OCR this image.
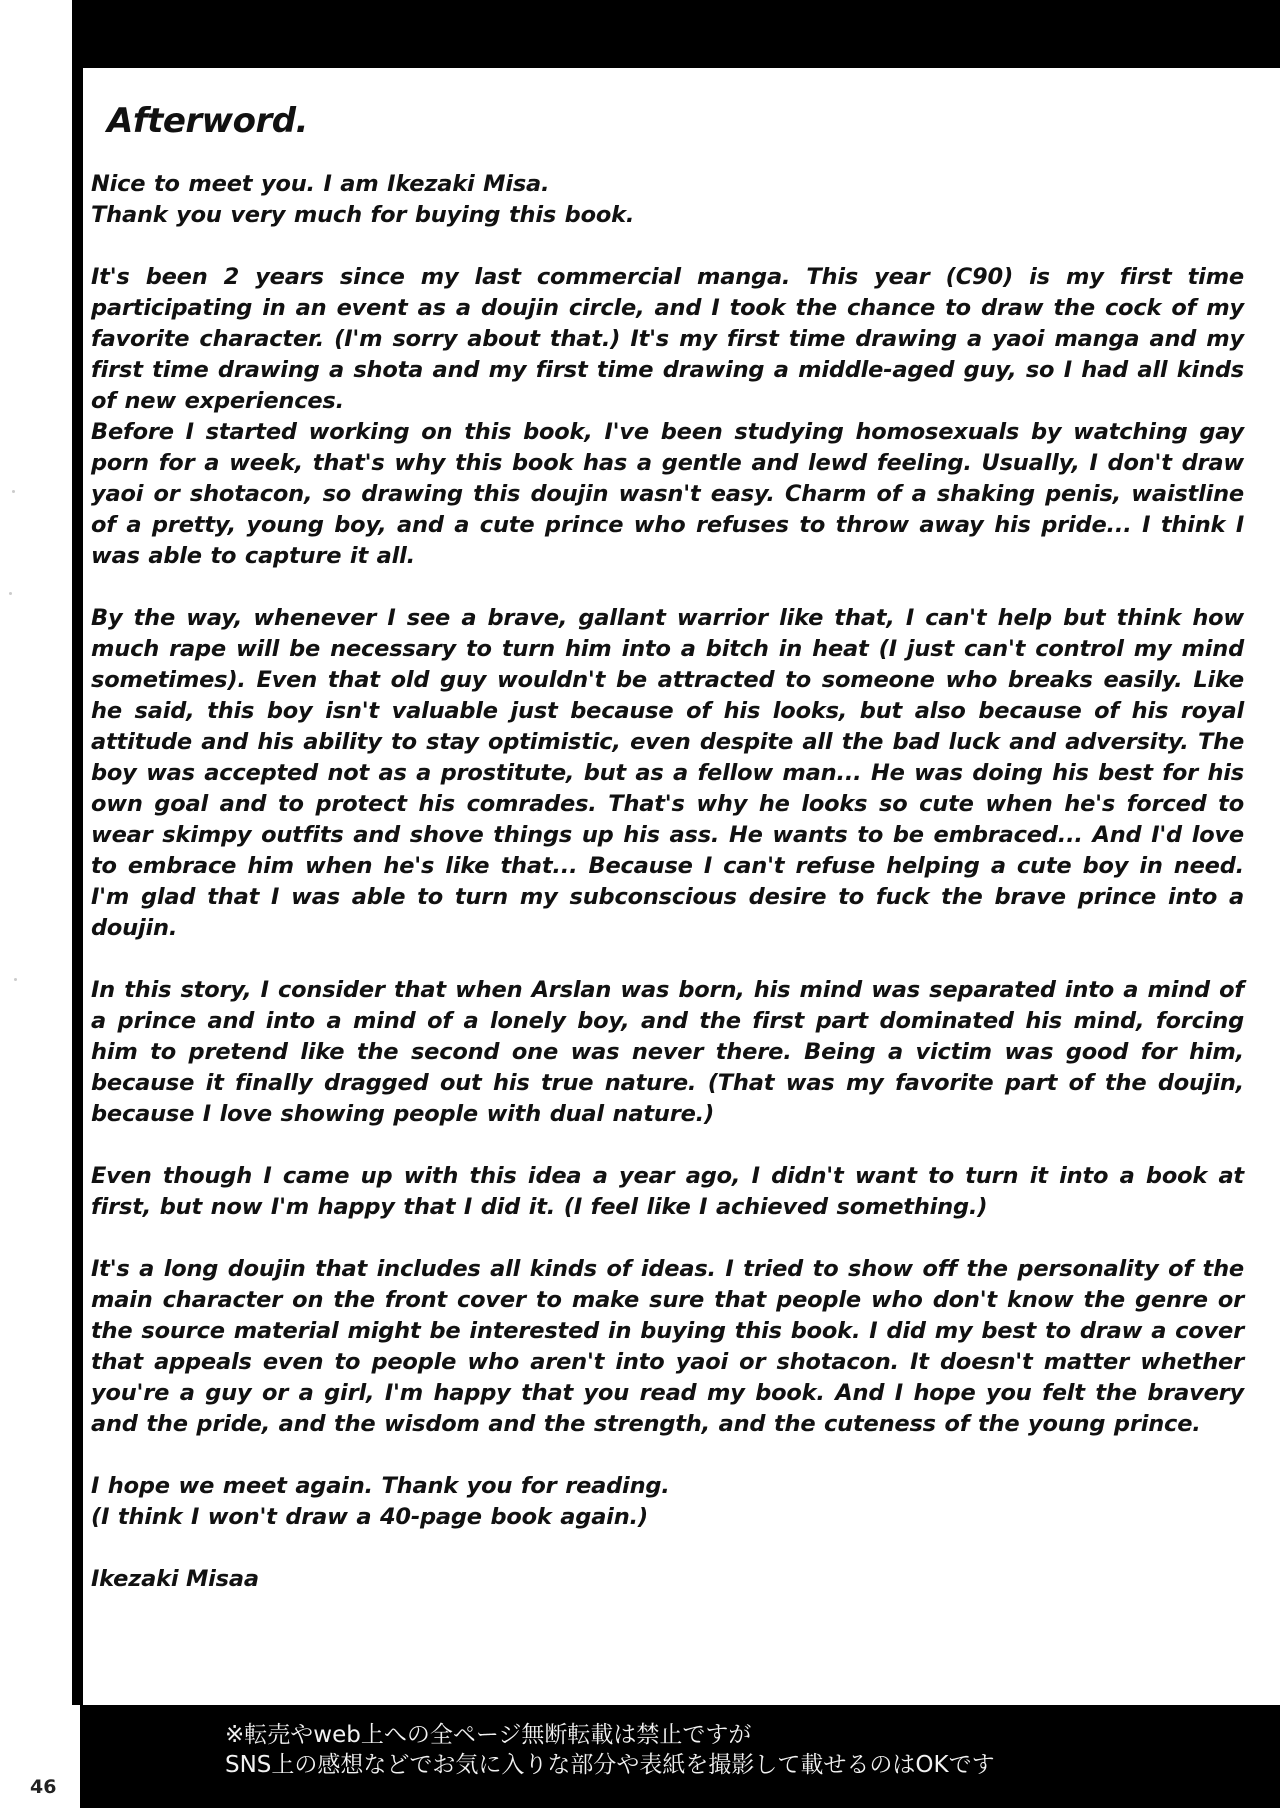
Afterword.

Nice to meet you. I am Ikezaki Misa.
Thank you very much for buying this book.

It's been 2 years since my last commercial manga. This year (C90) is my first time participating in an event as a doujin circle, and I took the chance to draw the cock of my favorite character. (I'm sorry about that.) It's my first time drawing a yaoi manga and my first time drawing a shota and my first time drawing a middle-aged guy, so I had all kinds of new experiences.
Before I started working on this book, I've been studying homosexuals by watching gay porn for a week, that's why this book has a gentle and lewd feeling. Usually, I don't draw yaoi or shotacon, so drawing this doujin wasn't easy. Charm of a shaking penis, waistline of a pretty, young boy, and a cute prince who refuses to throw away his pride... I think I was able to capture it all.

By the way, whenever I see a brave, gallant warrior like that, I can't help but think how much rape will be necessary to turn him into a bitch in heat (I just can't control my mind sometimes). Even that old guy wouldn't be attracted to someone who breaks easily. Like he said, this boy isn't valuable just because of his looks, but also because of his royal attitude and his ability to stay optimistic, even despite all the bad luck and adversity. The boy was accepted not as a prostitute, but as a fellow man... He was doing his best for his own goal and to protect his comrades. That's why he looks so cute when he's forced to wear skimpy outfits and shove things up his ass. He wants to be embraced... And I'd love to embrace him when he's like that... Because I can't refuse helping a cute boy in need. I'm glad that I was able to turn my subconscious desire to fuck the brave prince into a doujin.

In this story, I consider that when Arslan was born, his mind was separated into a mind of a prince and into a mind of a lonely boy, and the first part dominated his mind, forcing him to pretend like the second one was never there. Being a victim was good for him, because it finally dragged out his true nature. (That was my favorite part of the doujin, because I love showing people with dual nature.)

Even though I came up with this idea a year ago, I didn't want to turn it into a book at first, but now I'm happy that I did it. (I feel like I achieved something.)

It's a long doujin that includes all kinds of ideas. I tried to show off the personality of the main character on the front cover to make sure that people who don't know the genre or the source material might be interested in buying this book. I did my best to draw a cover that appeals even to people who aren't into yaoi or shotacon. It doesn't matter whether you're a guy or a girl, I'm happy that you read my book. And I hope you felt the bravery and the pride, and the wisdom and the strength, and the cuteness of the young prince.

I hope we meet again. Thank you for reading.
(I think I won't draw a 40-page book again.)

Ikezaki Misaa
※転売やweb上への全ページ無断転載は禁止ですが
SNS上の感想などでお気に入りな部分や表紙を撮影して載せるのはOKです
46
